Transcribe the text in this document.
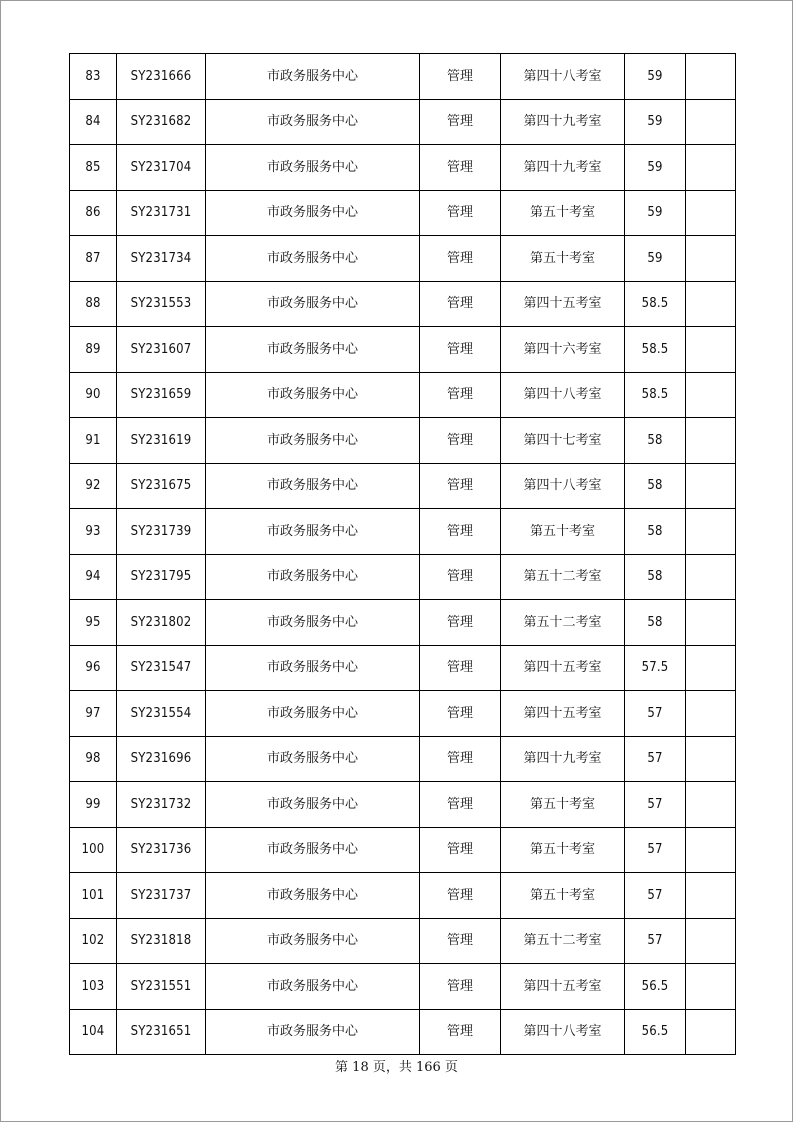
83	SY231666	市政务服务中心	管理	第四十八考室	59	
84	SY231682	市政务服务中心	管理	第四十九考室	59	
85	SY231704	市政务服务中心	管理	第四十九考室	59	
86	SY231731	市政务服务中心	管理	第五十考室	59	
87	SY231734	市政务服务中心	管理	第五十考室	59	
88	SY231553	市政务服务中心	管理	第四十五考室	58.5	
89	SY231607	市政务服务中心	管理	第四十六考室	58.5	
90	SY231659	市政务服务中心	管理	第四十八考室	58.5	
91	SY231619	市政务服务中心	管理	第四十七考室	58	
92	SY231675	市政务服务中心	管理	第四十八考室	58	
93	SY231739	市政务服务中心	管理	第五十考室	58	
94	SY231795	市政务服务中心	管理	第五十二考室	58	
95	SY231802	市政务服务中心	管理	第五十二考室	58	
96	SY231547	市政务服务中心	管理	第四十五考室	57.5	
97	SY231554	市政务服务中心	管理	第四十五考室	57	
98	SY231696	市政务服务中心	管理	第四十九考室	57	
99	SY231732	市政务服务中心	管理	第五十考室	57	
100	SY231736	市政务服务中心	管理	第五十考室	57	
101	SY231737	市政务服务中心	管理	第五十考室	57	
102	SY231818	市政务服务中心	管理	第五十二考室	57	
103	SY231551	市政务服务中心	管理	第四十五考室	56.5	
104	SY231651	市政务服务中心	管理	第四十八考室	56.5	
第 18 页，共 166 页
